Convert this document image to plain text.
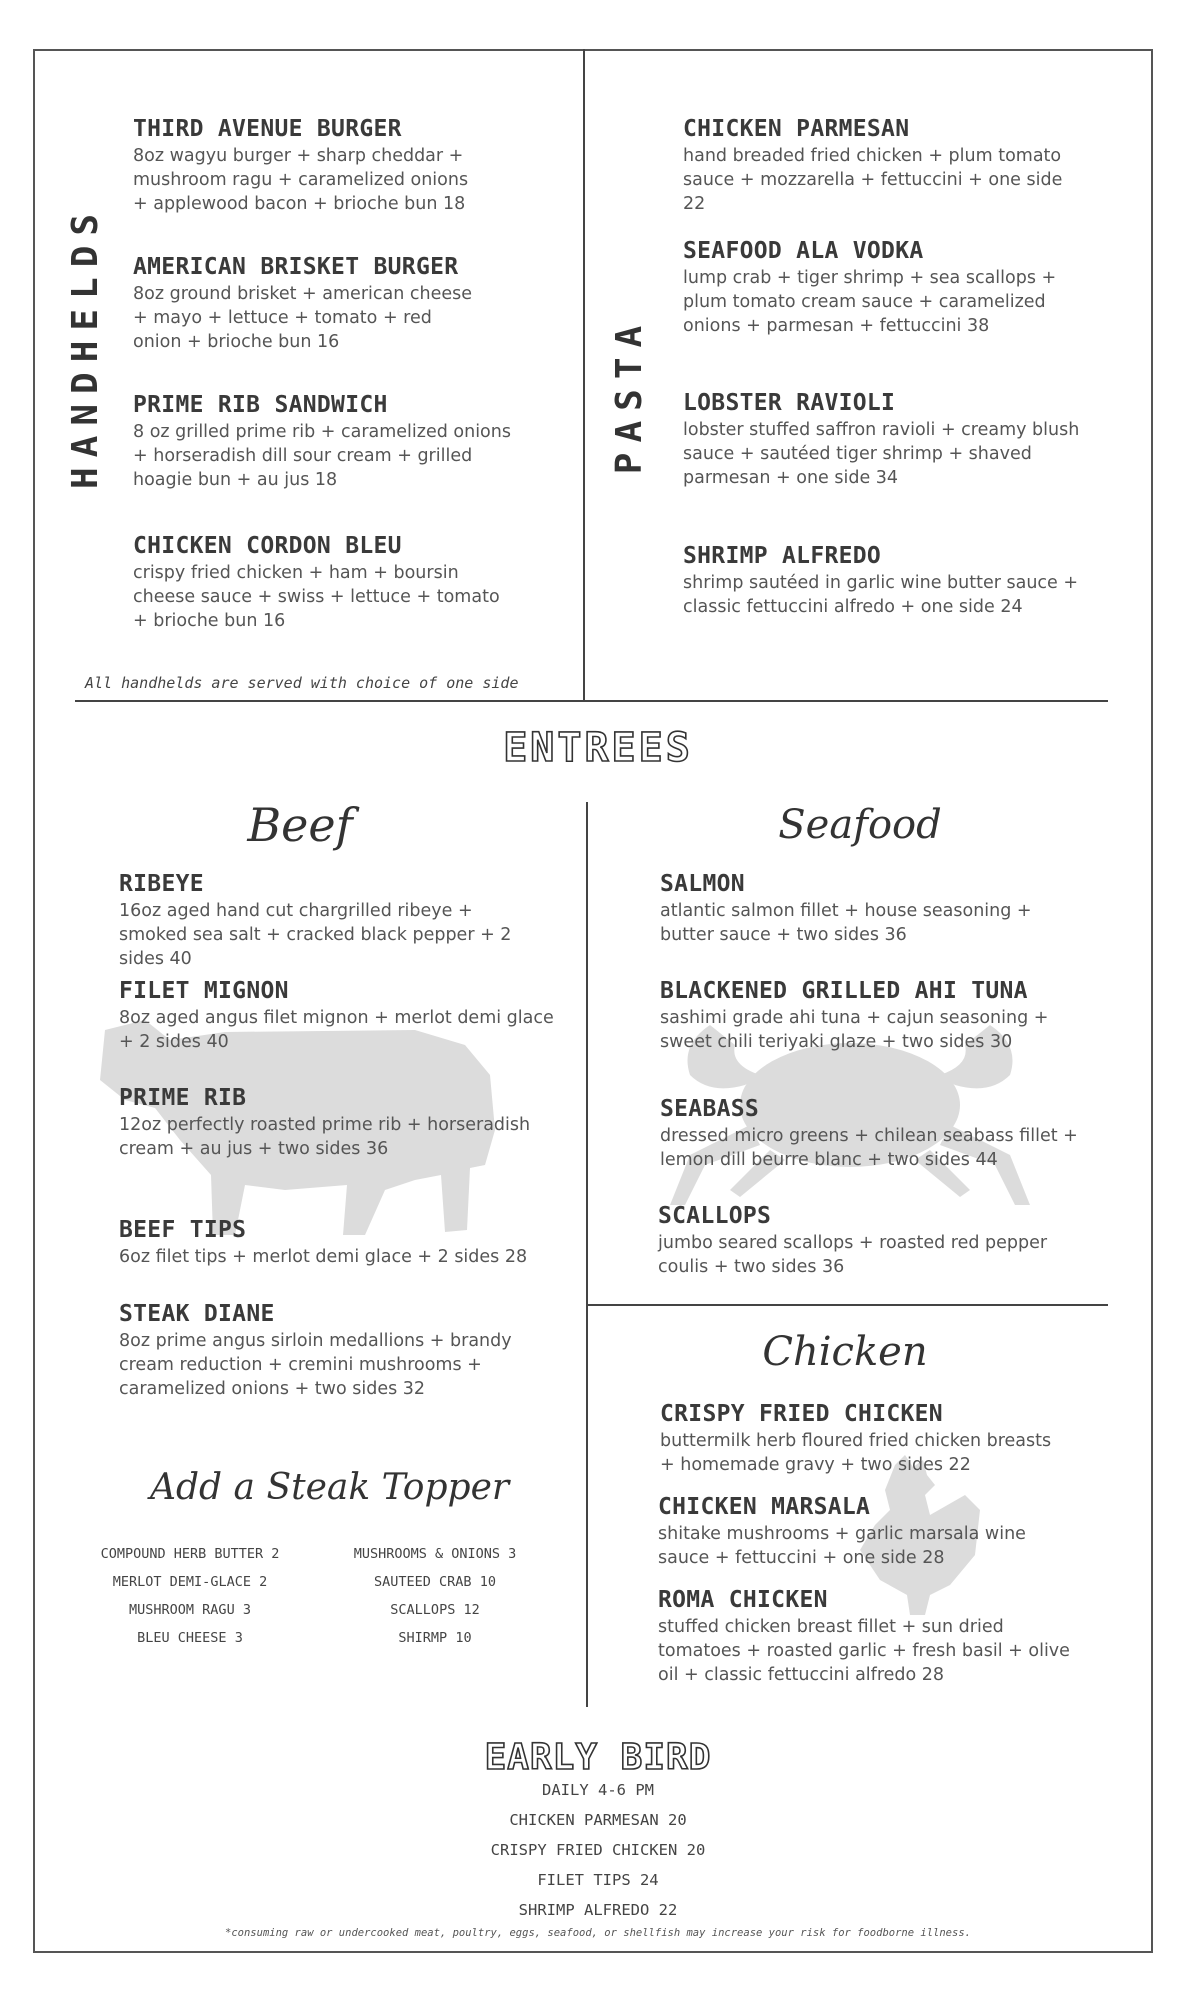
HANDHELDS
THIRD AVENUE BURGER
8oz wagyu burger + sharp cheddar + mushroom ragu + caramelized onions + applewood bacon + brioche bun 18
AMERICAN BRISKET BURGER
8oz ground brisket + american cheese + mayo + lettuce + tomato + red onion + brioche bun 16
PRIME RIB SANDWICH
8 oz grilled prime rib + caramelized onions + horseradish dill sour cream + grilled hoagie bun + au jus 18
CHICKEN CORDON BLEU
crispy fried chicken + ham + boursin cheese sauce + swiss + lettuce + tomato + brioche bun 16
All handhelds are served with choice of one side
PASTA
CHICKEN PARMESAN
hand breaded fried chicken + plum tomato sauce + mozzarella + fettuccini + one side 22
SEAFOOD ALA VODKA
lump crab + tiger shrimp + sea scallops + plum tomato cream sauce + caramelized onions + parmesan + fettuccini 38
LOBSTER RAVIOLI
lobster stuffed saffron ravioli + creamy blush sauce + sautéed tiger shrimp + shaved parmesan + one side 34
SHRIMP ALFREDO
shrimp sautéed in garlic wine butter sauce + classic fettuccini alfredo + one side 24
ENTREES
Beef	Seafood
RIBEYE
16oz aged hand cut chargrilled ribeye + smoked sea salt + cracked black pepper + 2 sides 40
FILET MIGNON
8oz aged angus filet mignon + merlot demi glace + 2 sides 40
PRIME RIB
12oz perfectly roasted prime rib + horseradish cream + au jus + two sides 36
BEEF TIPS
6oz filet tips + merlot demi glace + 2 sides 28
STEAK DIANE
8oz prime angus sirloin medallions + brandy cream reduction + cremini mushrooms + caramelized onions + two sides 32
SALMON
atlantic salmon fillet + house seasoning + butter sauce + two sides 36
BLACKENED GRILLED AHI TUNA
sashimi grade ahi tuna + cajun seasoning + sweet chili teriyaki glaze + two sides 30
SEABASS
dressed micro greens + chilean seabass fillet + lemon dill beurre blanc + two sides 44
SCALLOPS
jumbo seared scallops + roasted red pepper coulis + two sides 36
Chicken
CRISPY FRIED CHICKEN
buttermilk herb floured fried chicken breasts + homemade gravy + two sides 22
CHICKEN MARSALA
shitake mushrooms + garlic marsala wine sauce + fettuccini + one side 28
ROMA CHICKEN
stuffed chicken breast fillet + sun dried tomatoes + roasted garlic + fresh basil + olive oil + classic fettuccini alfredo 28
Add a Steak Topper
COMPOUND HERB BUTTER 2
MERLOT DEMI-GLACE 2
MUSHROOM RAGU 3
BLEU CHEESE 3
MUSHROOMS & ONIONS 3
SAUTEED CRAB 10
SCALLOPS 12
SHIRMP 10
EARLY BIRD
DAILY 4-6 PM
CHICKEN PARMESAN 20
CRISPY FRIED CHICKEN 20
FILET TIPS 24
SHRIMP ALFREDO 22
*consuming raw or undercooked meat, poultry, eggs, seafood, or shellfish may increase your risk for foodborne illness.
